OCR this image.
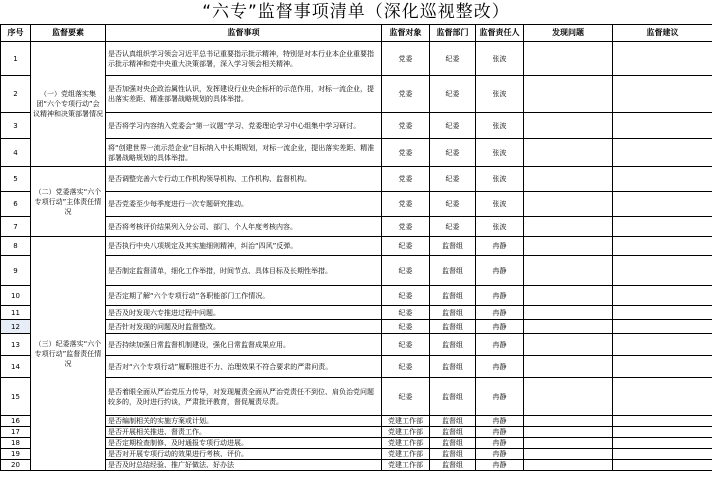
“六专”监督事项清单（深化巡视整改）
序号	监督要素	监督事项	监督对象	监督部门	监督责任人	发现问题	监督建议
1	（一）党组落实集团“六个专项行动”会议精神和决策部署情况	是否认真组织学习领会习近平总书记重要指示批示精神，特别是对本行业本企业重要指示批示精神和党中央重大决策部署，深入学习领会相关精神。	党委	纪委	张波		
2		是否加强对央企政治属性认识，发挥建设行业央企标杆的示范作用，对标一流企业，提出落实差距、精准部署战略规划的具体举措。	党委	纪委	张波		
3		是否将学习内容纳入党委会“第一议题”学习、党委理论学习中心组集中学习研讨。	党委	纪委	张波		
4		将“创建世界一流示范企业”目标纳入中长期规划，对标一流企业，提出落实差距、精准部署战略规划的具体举措。	党委	纪委	张波		
5	（二）党委落实“六个专项行动”主体责任情况	是否调整完善六专行动工作机构领导机构、工作机构、监督机构。	党委	纪委	张波		
6		是否党委至少每季度进行一次专题研究推动。	党委	纪委	张波		
7		是否将考核评价结果列入分公司、部门、个人年度考核内容。	党委	纪委	张波		
8	（三）纪委落实“六个专项行动”监督责任情况	是否执行中央八项规定及其实施细则精神，纠治“四风”反弹。	纪委	监督组	冉静		
9		是否制定监督清单，细化工作举措，时间节点、具体目标及长期性举措。	纪委	监督组	冉静		
10		是否定期了解“六个专项行动”各职能部门工作情况。	纪委	监督组	冉静		
11		是否及时发现六专推进过程中问题。	纪委	监督组	冉静		
12		是否针对发现的问题及时监督整改。	纪委	监督组	冉静		
13		是否持续加强日常监督机制建设，强化日常监督成果应用。	纪委	监督组	冉静		
14		是否对“六个专项行动”履职推进不力、治理效果不符合要求的严肃问责。	纪委	监督组	冉静		
15		是否着眼全面从严治党压力传导，对发现履责全面从严治党责任不到位、肩负治党问题较多的，及时进行约谈，严肃批评教育，督促履责尽责。	纪委	监督组	冉静		
16		是否编制相关的实施方案或计划。	党建工作部	监督组	冉静		
17		是否开展相关推进、督责工作。	党建工作部	监督组	冉静		
18		是否定期检查制修、及时通报专项行动进展。	党建工作部	监督组	冉静		
19		是否对开展专项行动的效果进行考核、评价。	党建工作部	监督组	冉静		
20		是否及时总结经验、推广好做法、好办法	党建工作部	监督组	冉静		
